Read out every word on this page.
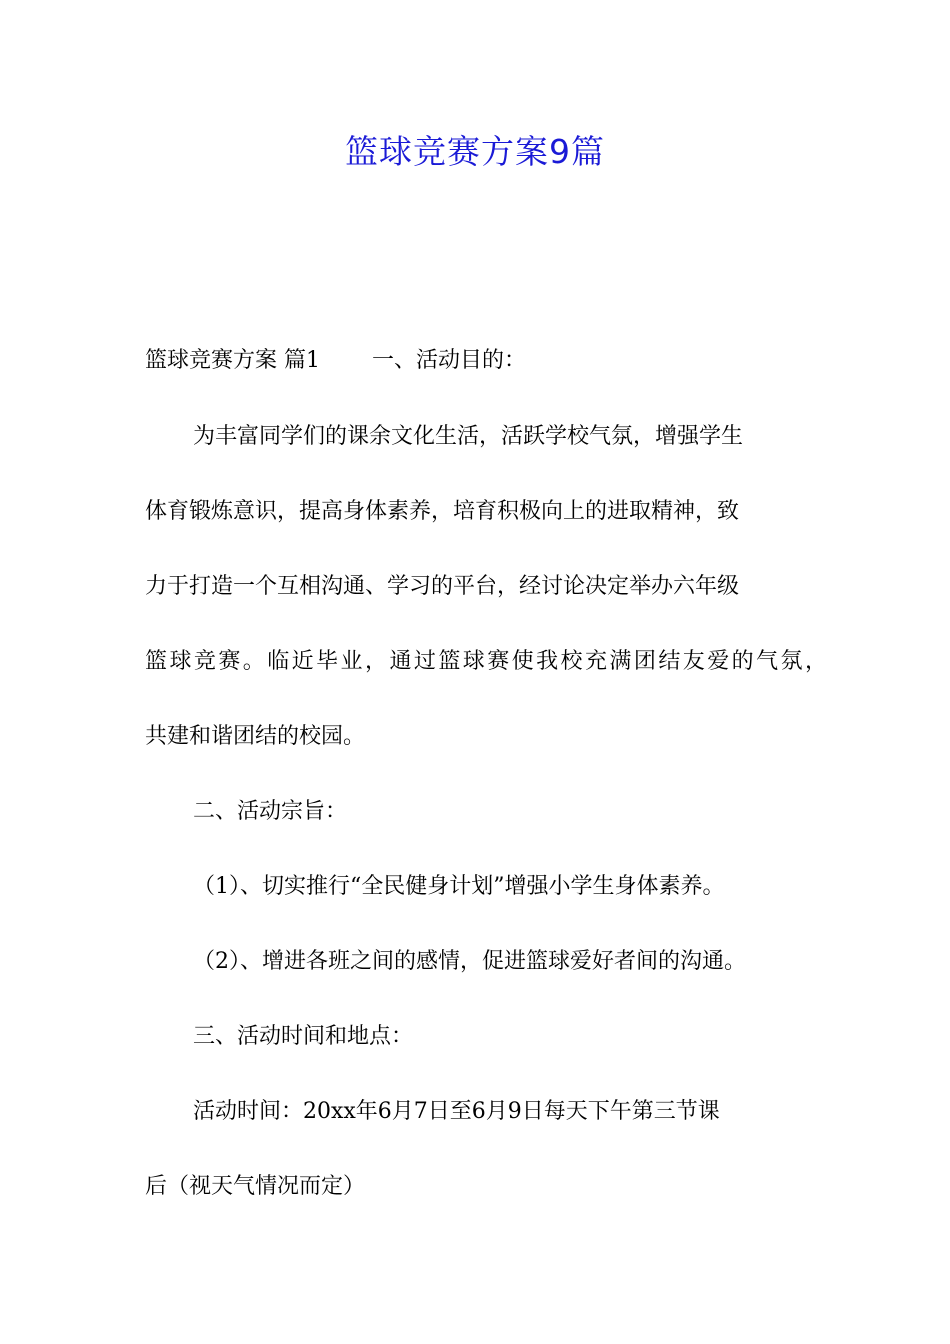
篮球竞赛方案9篇

篮球竞赛方案 篇1 一、活动目的：

为丰富同学们的课余文化生活，活跃学校气氛，增强学生

体育锻炼意识，提高身体素养，培育积极向上的进取精神，致

力于打造一个互相沟通、学习的平台，经讨论决定举办六年级

篮球竞赛。临近毕业，通过篮球赛使我校充满团结友爱的气氛，

共建和谐团结的校园。

二、活动宗旨：

（1）、切实推行“全民健身计划”增强小学生身体素养。

（2）、增进各班之间的感情，促进篮球爱好者间的沟通。

三、活动时间和地点：

活动时间：20xx年6月7日至6月9日每天下午第三节课

后（视天气情况而定）
